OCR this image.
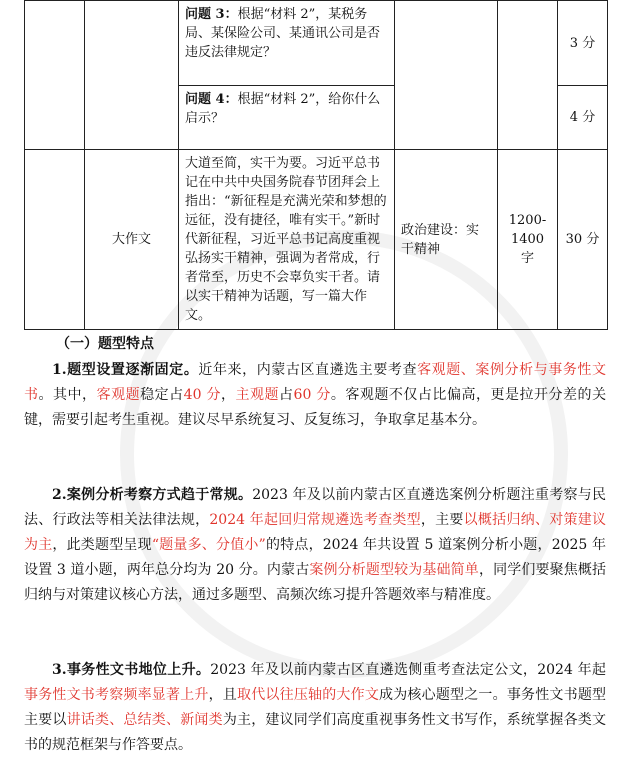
		问题 3：根据“材料 2”，某税务局、某保险公司、某通讯公司是否违反法律规定？			3 分
		问题 4：根据“材料 2”，给你什么启示？			4 分
	大作文	大道至简，实干为要。习近平总书记在中共中央国务院春节团拜会上指出：“新征程是充满光荣和梦想的远征，没有捷径，唯有实干。”新时代新征程，习近平总书记高度重视弘扬实干精神，强调为者常成，行者常至，历史不会辜负实干者。请以实干精神为话题，写一篇大作文。	政治建设：实干精神	1200-1400 字	30 分
（一）题型特点

1.题型设置逐渐固定。近年来，内蒙古区直遴选主要考查客观题、案例分析与事务性文书。其中，客观题稳定占40 分，主观题占60 分。客观题不仅占比偏高，更是拉开分差的关键，需要引起考生重视。建议尽早系统复习、反复练习，争取拿足基本分。

2.案例分析考察方式趋于常规。2023 年及以前内蒙古区直遴选案例分析题注重考察与民法、行政法等相关法律法规，2024 年起回归常规遴选考查类型，主要以概括归纳、对策建议为主，此类题型呈现“题量多、分值小”的特点，2024 年共设置 5 道案例分析小题，2025 年设置 3 道小题，两年总分均为 20 分。内蒙古案例分析题型较为基础简单，同学们要聚焦概括归纳与对策建议核心方法，通过多题型、高频次练习提升答题效率与精准度。

3.事务性文书地位上升。2023 年及以前内蒙古区直遴选侧重考查法定公文，2024 年起事务性文书考察频率显著上升，且取代以往压轴的大作文成为核心题型之一。事务性文书题型主要以讲话类、总结类、新闻类为主，建议同学们高度重视事务性文书写作，系统掌握各类文书的规范框架与作答要点。
